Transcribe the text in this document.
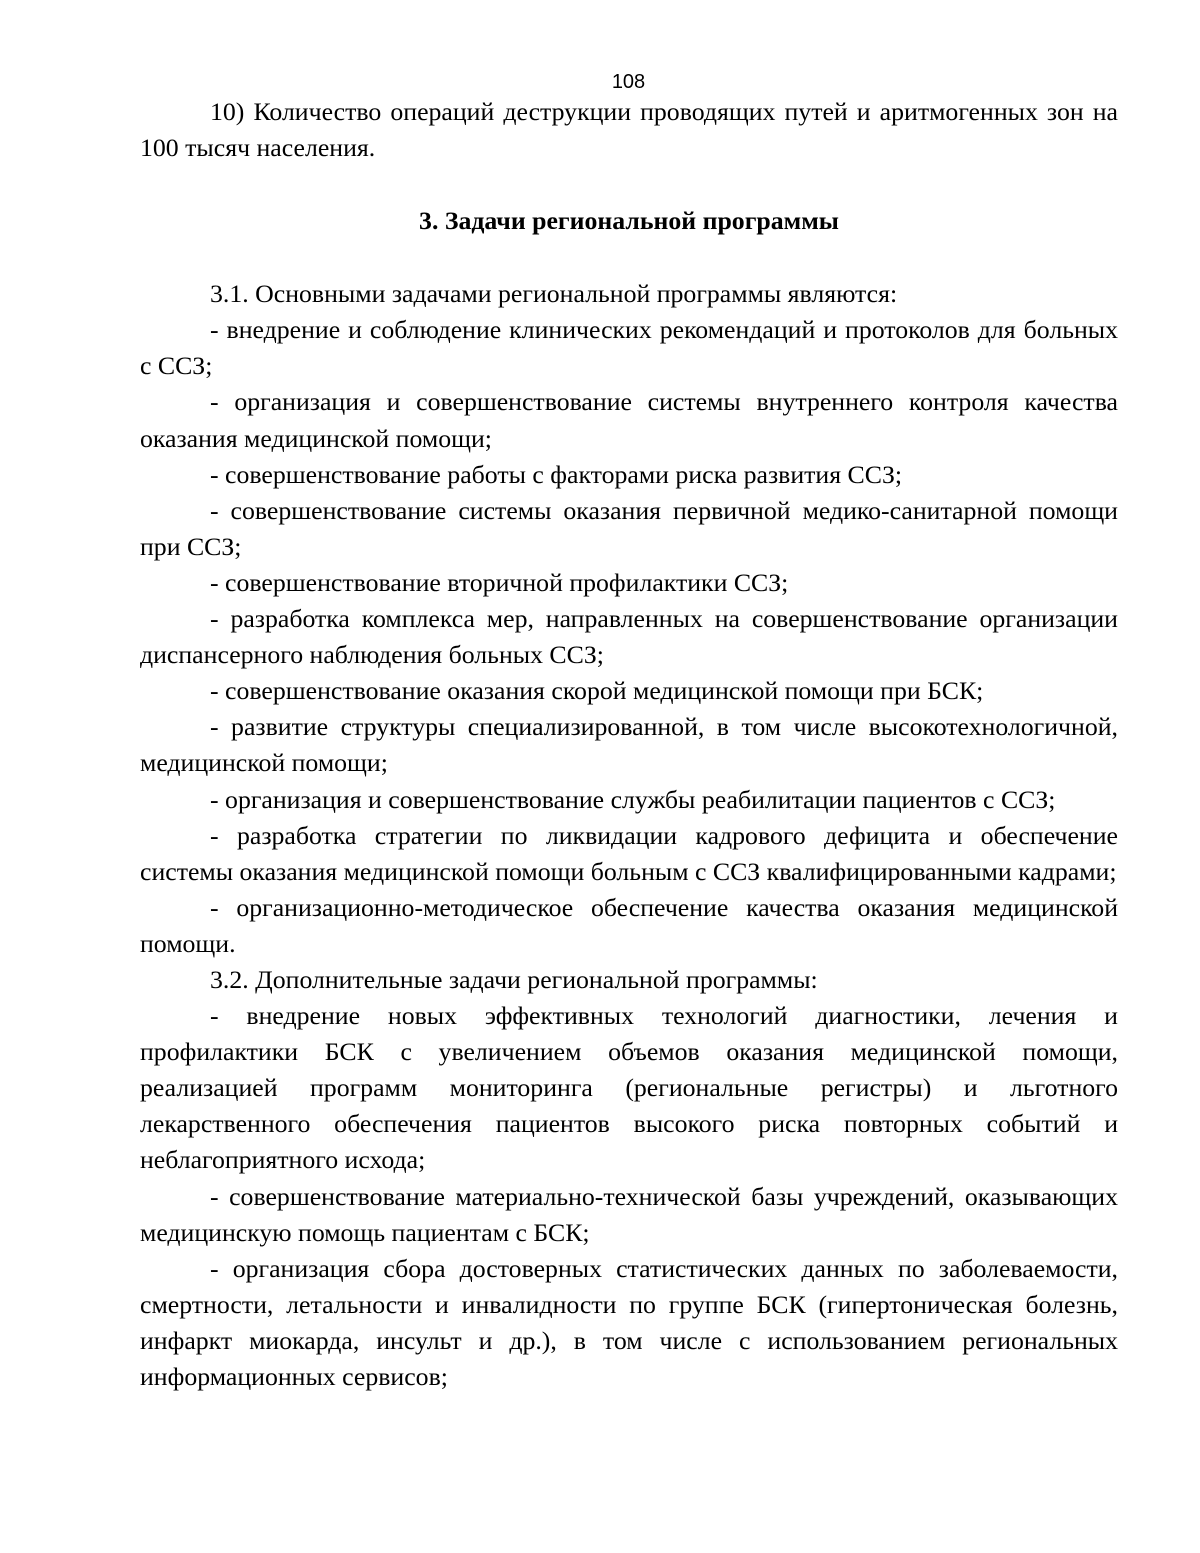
108

10) Количество операций деструкции проводящих путей и аритмогенных зон на 100 тысяч населения.

3. Задачи региональной программы

3.1. Основными задачами региональной программы являются:

- внедрение и соблюдение клинических рекомендаций и протоколов для больных с ССЗ;

- организация и совершенствование системы внутреннего контроля качества оказания медицинской помощи;

- совершенствование работы с факторами риска развития ССЗ;

- совершенствование системы оказания первичной медико-санитарной помощи при ССЗ;

- совершенствование вторичной профилактики ССЗ;

- разработка комплекса мер, направленных на совершенствование организации диспансерного наблюдения больных ССЗ;

- совершенствование оказания скорой медицинской помощи при БСК;

- развитие структуры специализированной, в том числе высокотехнологичной, медицинской помощи;

- организация и совершенствование службы реабилитации пациентов с ССЗ;

- разработка стратегии по ликвидации кадрового дефицита и обеспечение системы оказания медицинской помощи больным с ССЗ квалифицированными кадрами;

- организационно-методическое обеспечение качества оказания медицинской помощи.

3.2. Дополнительные задачи региональной программы:

- внедрение новых эффективных технологий диагностики, лечения и профилактики БСК с увеличением объемов оказания медицинской помощи, реализацией программ мониторинга (региональные регистры) и льготного лекарственного обеспечения пациентов высокого риска повторных событий и неблагоприятного исхода;

- совершенствование материально-технической базы учреждений, оказывающих медицинскую помощь пациентам с БСК;

- организация сбора достоверных статистических данных по заболеваемости, смертности, летальности и инвалидности по группе БСК (гипертоническая болезнь, инфаркт миокарда, инсульт и др.), в том числе с использованием региональных информационных сервисов;
